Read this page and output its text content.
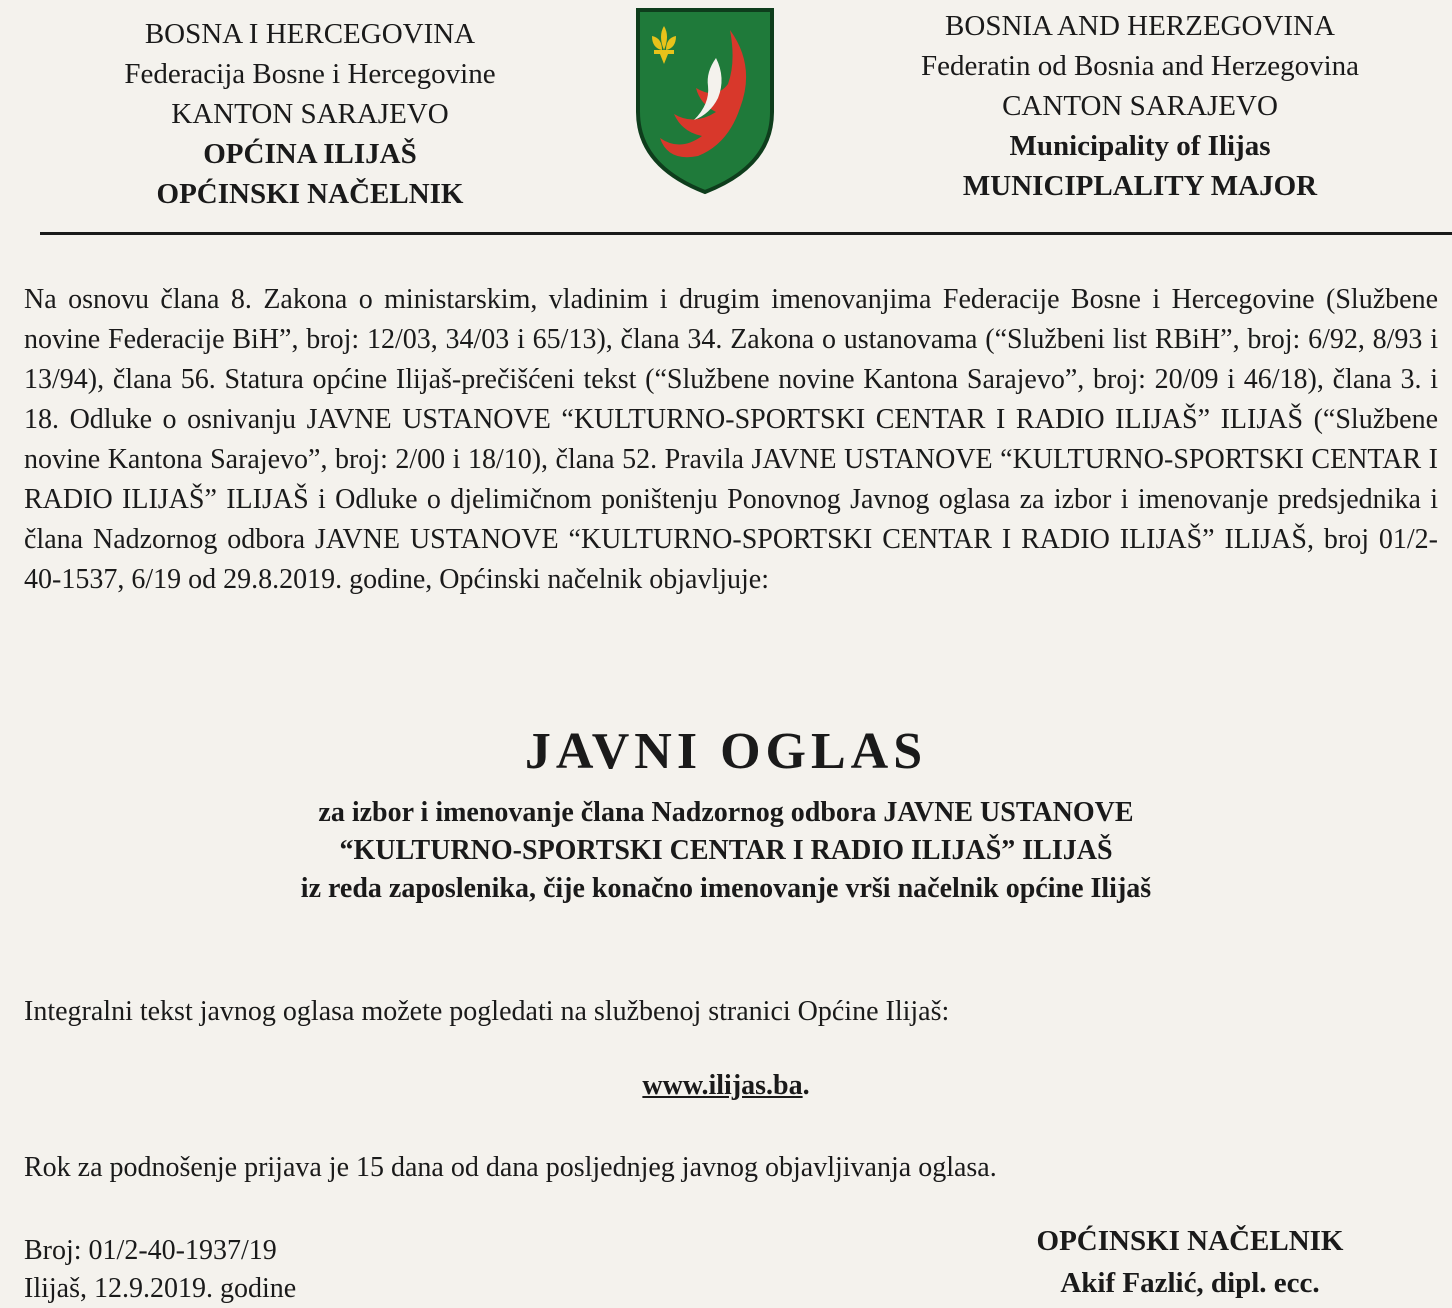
BOSNA I HERCEGOVINA
Federacija Bosne i Hercegovine
KANTON SARAJEVO
OPĆINA ILIJAŠ
OPĆINSKI NAČELNIK
BOSNIA AND HERZEGOVINA
Federatin od Bosnia and Herzegovina
CANTON SARAJEVO
Municipality of Ilijas
MUNICIPLALITY MAJOR
Na osnovu člana 8. Zakona o ministarskim, vladinim i drugim imenovanjima Federacije Bosne i Hercegovine (Službene novine Federacije BiH”, broj: 12/03, 34/03 i 65/13), člana 34. Zakona o ustanovama (“Službeni list RBiH”, broj: 6/92, 8/93 i 13/94), člana 56. Statura općine Ilijaš-prečišćeni tekst (“Službene novine Kantona Sarajevo”, broj: 20/09 i 46/18), člana 3. i 18. Odluke o osnivanju JAVNE USTANOVE “KULTURNO-SPORTSKI CENTAR I RADIO ILIJAŠ” ILIJAŠ (“Službene novine Kantona Sarajevo”, broj: 2/00 i 18/10), člana 52. Pravila JAVNE USTANOVE “KULTURNO-SPORTSKI CENTAR I RADIO ILIJAŠ” ILIJAŠ i Odluke o djelimičnom poništenju Ponovnog Javnog oglasa za izbor i imenovanje predsjednika i člana Nadzornog odbora JAVNE USTANOVE “KULTURNO-SPORTSKI CENTAR I RADIO ILIJAŠ” ILIJAŠ, broj 01/2-40-1537, 6/19 od 29.8.2019. godine, Općinski načelnik objavljuje:
JAVNI OGLAS
za izbor i imenovanje člana Nadzornog odbora JAVNE USTANOVE
“KULTURNO-SPORTSKI CENTAR I RADIO ILIJAŠ” ILIJAŠ
iz reda zaposlenika, čije konačno imenovanje vrši načelnik općine Ilijaš
Integralni tekst javnog oglasa možete pogledati na službenoj stranici Općine Ilijaš:
www.ilijas.ba.
Rok za podnošenje prijava je 15 dana od dana posljednjeg javnog objavljivanja oglasa.
Broj: 01/2-40-1937/19
Ilijaš, 12.9.2019. godine
OPĆINSKI NAČELNIK
Akif Fazlić, dipl. ecc.
